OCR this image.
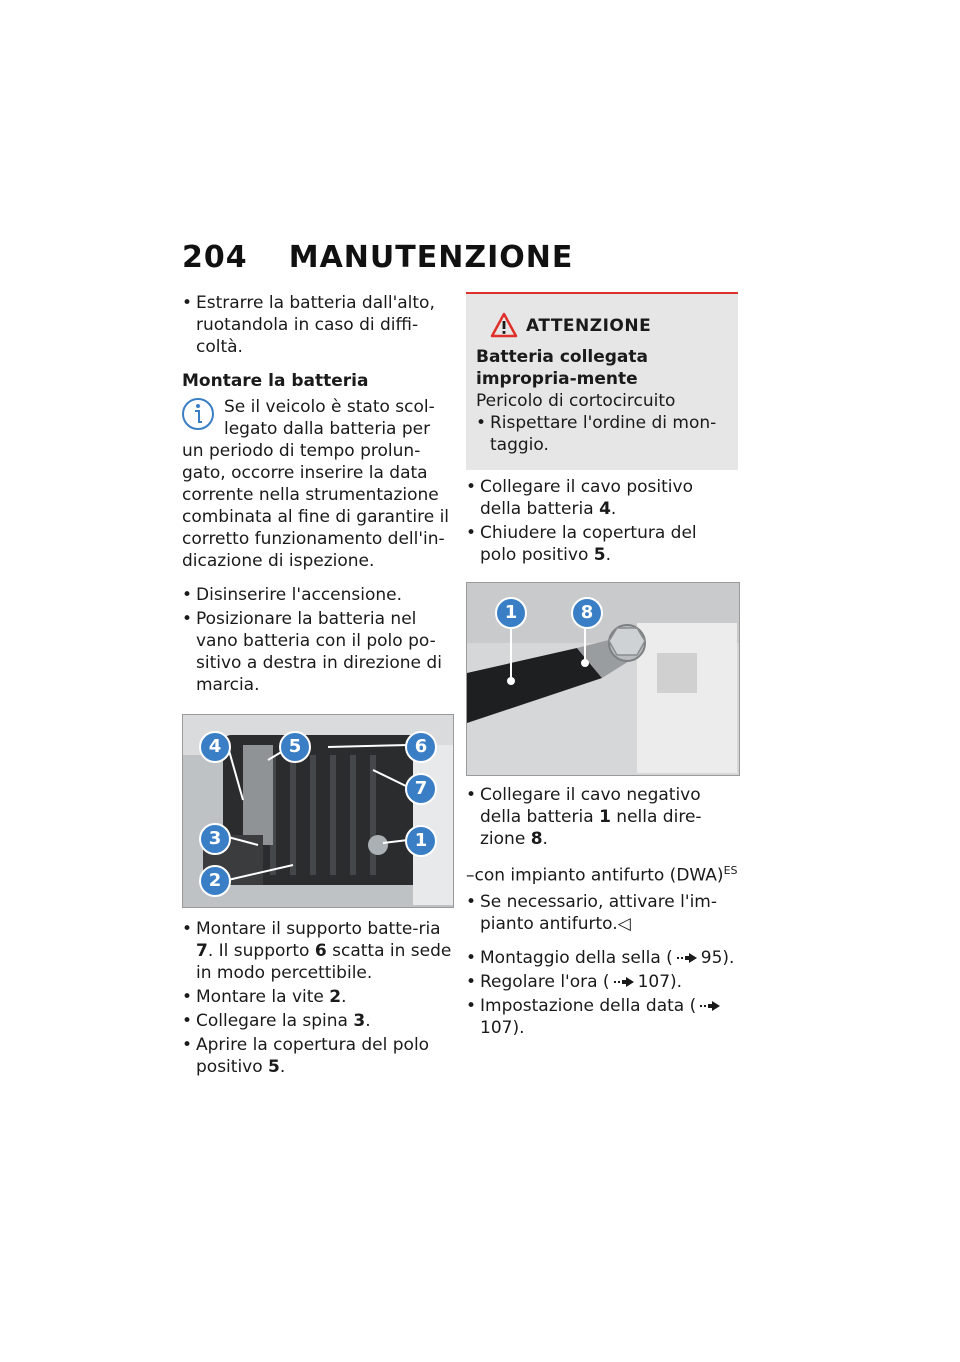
204 MANUTENZIONE
• Estrarre la batteria dall'alto, ruotandola in caso di diffi-coltà.
Montare la batteria
Se il veicolo è stato scol-legato dalla batteria per un periodo di tempo prolun-gato, occorre inserire la data corrente nella strumentazione combinata al fine di garantire il corretto funzionamento dell'in-dicazione di ispezione.
• Disinserire l'accensione.
• Posizionare la batteria nel vano batteria con il polo po-sitivo a destra in direzione di marcia.
4	5	6
7
3	1
2
• Montare il supporto batte-ria 7. Il supporto 6 scatta in sede in modo percettibile.
• Montare la vite 2.
• Collegare la spina 3.
• Aprire la copertura del polo positivo 5.
ATTENZIONE
Batteria collegata impropria-mente
Pericolo di cortocircuito
• Rispettare l'ordine di mon-taggio.
• Collegare il cavo positivo della batteria 4.
• Chiudere la copertura del polo positivo 5.
1	8
• Collegare il cavo negativo della batteria 1 nella dire-zione 8.
–con impianto antifurto (DWA)$^{ES}$
• Se necessario, attivare l'im-pianto antifurto.◁
• Montaggio della sella ( 95).
• Regolare l'ora ( 107).
• Impostazione della data (107).
